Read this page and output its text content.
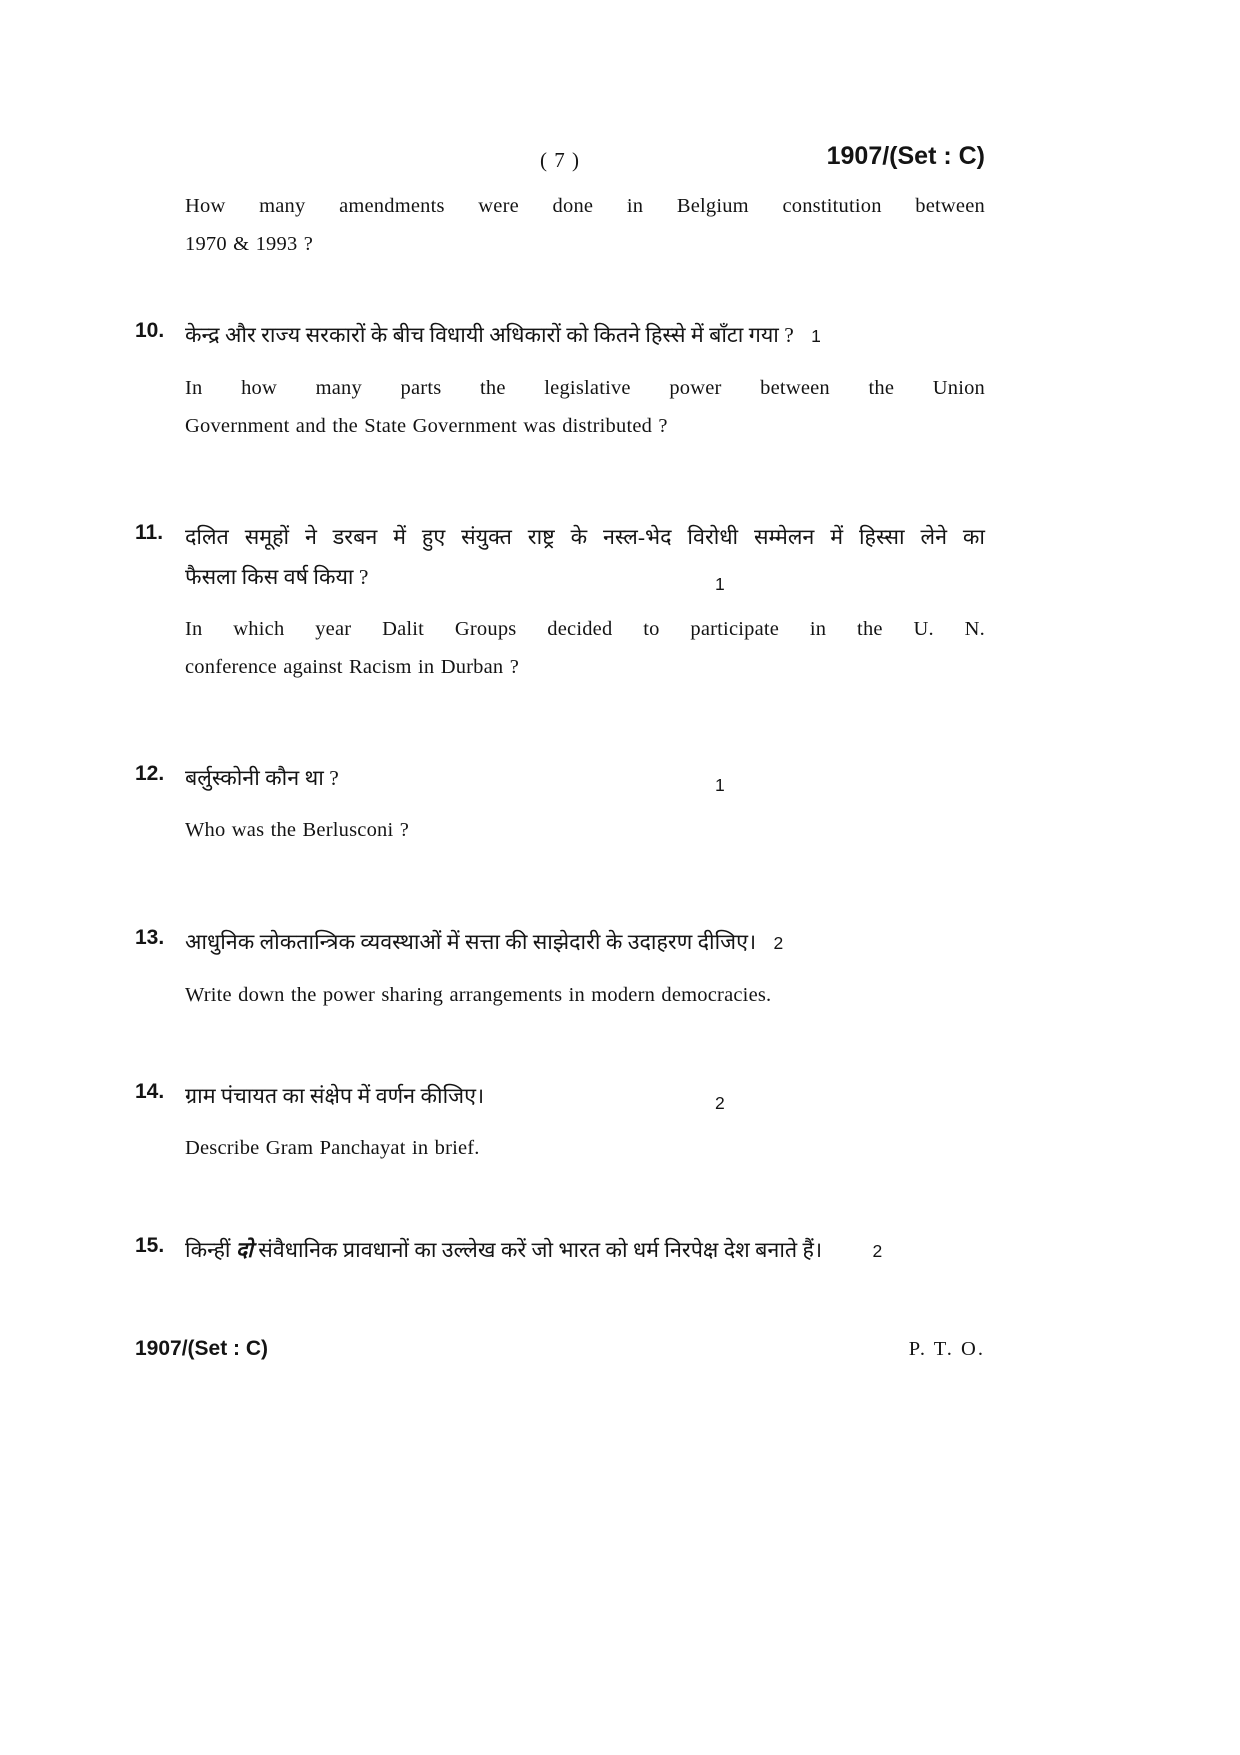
( 7 )	1907/(Set : C)
How many amendments were done in Belgium constitution between
1970 & 1993 ?
10. केन्द्र और राज्य सरकारों के बीच विधायी अधिकारों को कितने हिस्से में बाँटा गया ? 1
In how many parts the legislative power between the Union
Government and the State Government was distributed ?
11. दलित समूहों ने डरबन में हुए संयुक्त राष्ट्र के नस्ल-भेद विरोधी सम्मेलन में हिस्सा लेने का
फैसला किस वर्ष किया ?	1
In which year Dalit Groups decided to participate in the U. N.
conference against Racism in Durban ?
12. बर्लुस्कोनी कौन था ?	1
Who was the Berlusconi ?
13. आधुनिक लोकतान्त्रिक व्यवस्थाओं में सत्ता की साझेदारी के उदाहरण दीजिए। 2
Write down the power sharing arrangements in modern democracies.
14. ग्राम पंचायत का संक्षेप में वर्णन कीजिए।	2
Describe Gram Panchayat in brief.
15. किन्हीं दो संवैधानिक प्रावधानों का उल्लेख करें जो भारत को धर्म निरपेक्ष देश बनाते हैं।	2
1907/(Set : C)	P. T. O.
